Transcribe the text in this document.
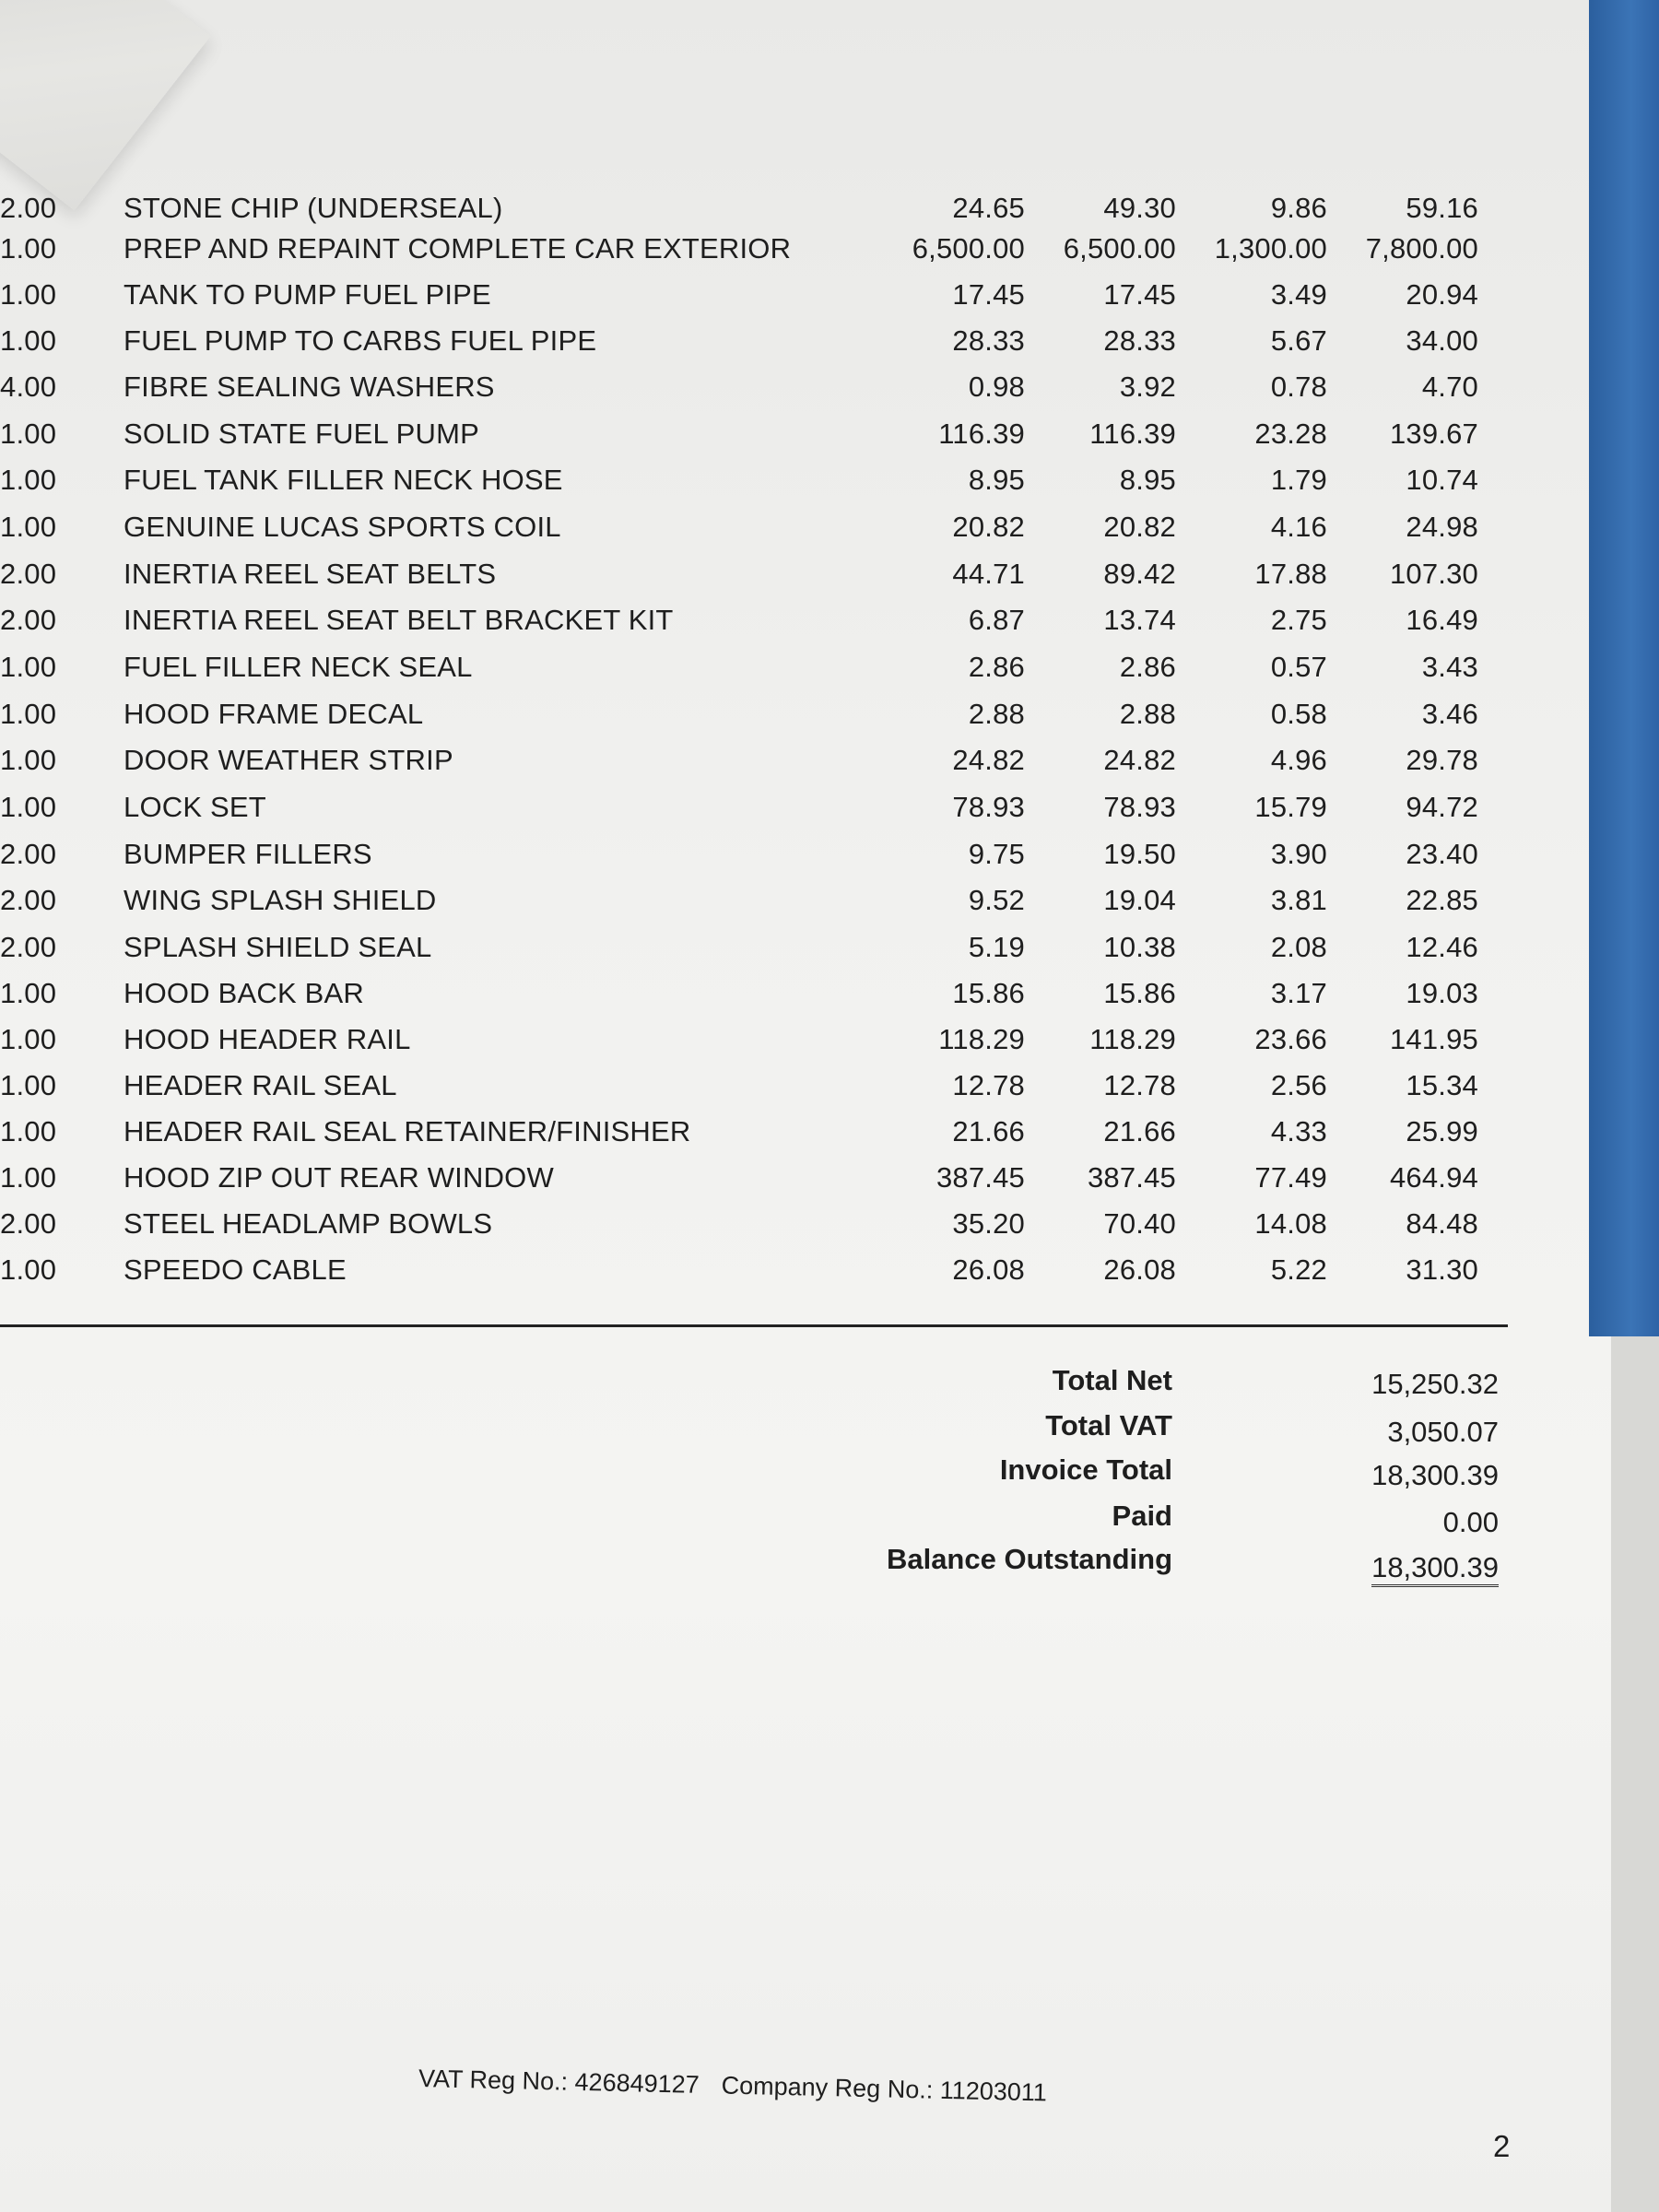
2.00 STONE CHIP (UNDERSEAL)	24.65	49.30	9.86	59.16
1.00 PREP AND REPAINT COMPLETE CAR EXTERIOR	6,500.00 6,500.00 1,300.00 7,800.00
1.00 TANK TO PUMP FUEL PIPE	17.45	17.45	3.49	20.94
1.00 FUEL PUMP TO CARBS FUEL PIPE	28.33	28.33	5.67	34.00
4.00 FIBRE SEALING WASHERS	0.98	3.92	0.78	4.70
1.00 SOLID STATE FUEL PUMP	116.39 116.39	23.28 139.67
1.00 FUEL TANK FILLER NECK HOSE	8.95	8.95	1.79	10.74
1.00 GENUINE LUCAS SPORTS COIL	20.82	20.82	4.16	24.98
2.00 INERTIA REEL SEAT BELTS	44.71	89.42	17.88 107.30
2.00 INERTIA REEL SEAT BELT BRACKET KIT	6.87	13.74	2.75	16.49
1.00 FUEL FILLER NECK SEAL	2.86	2.86	0.57	3.43
1.00 HOOD FRAME DECAL	2.88	2.88	0.58	3.46
1.00 DOOR WEATHER STRIP	24.82	24.82	4.96	29.78
1.00 LOCK SET	78.93	78.93	15.79	94.72
2.00 BUMPER FILLERS	9.75	19.50	3.90	23.40
2.00 WING SPLASH SHIELD	9.52	19.04	3.81	22.85
2.00 SPLASH SHIELD SEAL	5.19	10.38	2.08	12.46
1.00 HOOD BACK BAR	15.86	15.86	3.17	19.03
1.00 HOOD HEADER RAIL	118.29 118.29	23.66 141.95
1.00 HEADER RAIL SEAL	12.78	12.78	2.56	15.34
1.00 HEADER RAIL SEAL RETAINER/FINISHER	21.66	21.66	4.33	25.99
1.00 HOOD ZIP OUT REAR WINDOW	387.45 387.45	77.49 464.94
2.00 STEEL HEADLAMP BOWLS	35.20	70.40	14.08	84.48
1.00 SPEEDO CABLE	26.08	26.08	5.22	31.30
Total Net	15,250.32
Total VAT	3,050.07
Invoice Total	18,300.39
Paid	0.00
Balance Outstanding	18,300.39
VAT Reg No.: 426849127 Company Reg No.: 11203011
2
